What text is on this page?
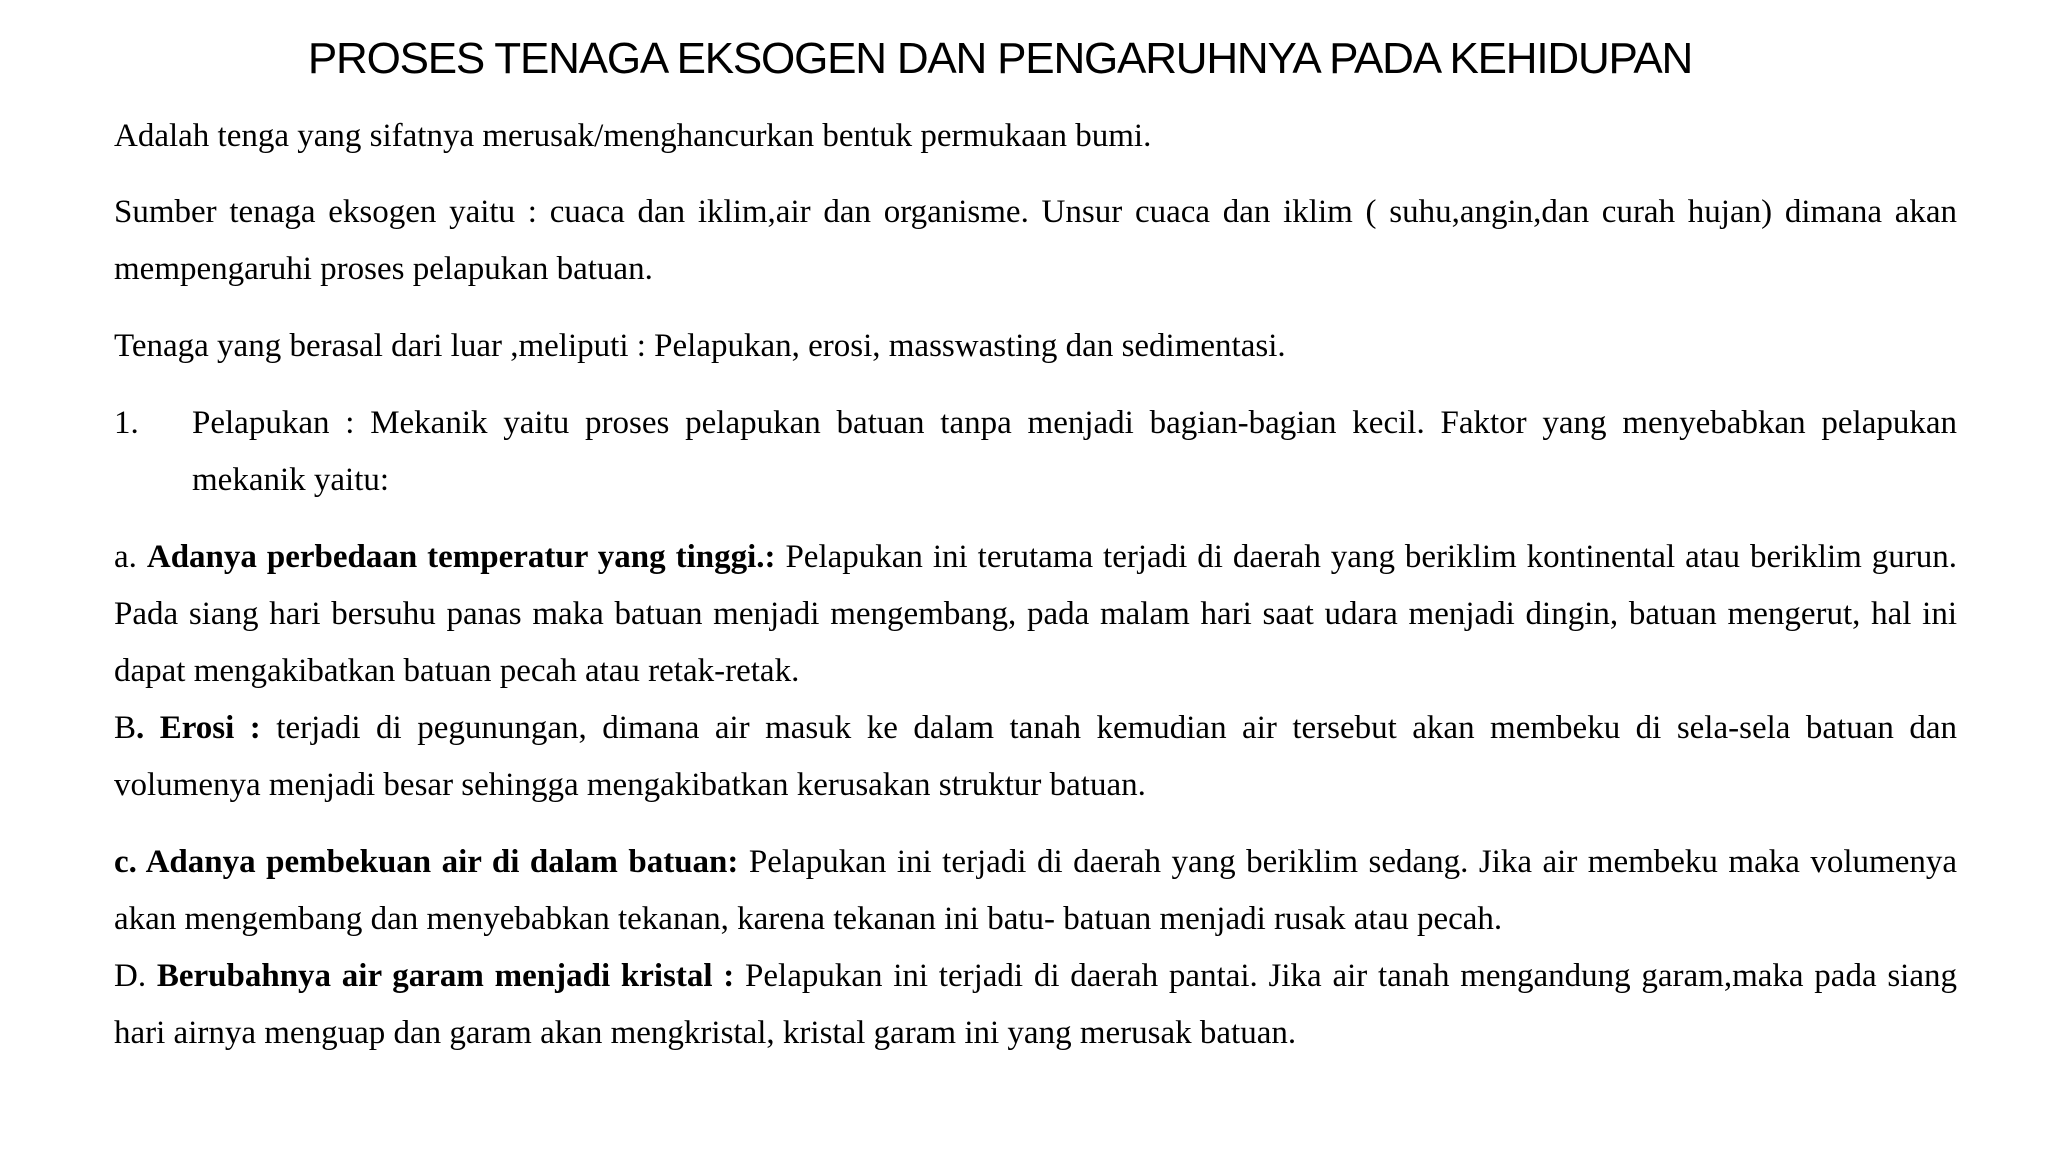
PROSES TENAGA EKSOGEN DAN PENGARUHNYA PADA KEHIDUPAN

Adalah tenga yang sifatnya merusak/menghancurkan bentuk permukaan bumi.

Sumber tenaga eksogen yaitu : cuaca dan iklim,air dan organisme. Unsur cuaca dan iklim ( suhu,angin,dan curah hujan) dimana akan mempengaruhi proses pelapukan batuan.

Tenaga yang berasal dari luar ,meliputi : Pelapukan, erosi, masswasting dan sedimentasi.

1. Pelapukan : Mekanik yaitu proses pelapukan batuan tanpa menjadi bagian-bagian kecil. Faktor yang menyebabkan pelapukan mekanik yaitu:

a. Adanya perbedaan temperatur yang tinggi.: Pelapukan ini terutama terjadi di daerah yang beriklim kontinental atau beriklim gurun. Pada siang hari bersuhu panas maka batuan menjadi mengembang, pada malam hari saat udara menjadi dingin, batuan mengerut, hal ini dapat mengakibatkan batuan pecah atau retak-retak.
B. Erosi : terjadi di pegunungan, dimana air masuk ke dalam tanah kemudian air tersebut akan membeku di sela-sela batuan dan volumenya menjadi besar sehingga mengakibatkan kerusakan struktur batuan.

c. Adanya pembekuan air di dalam batuan: Pelapukan ini terjadi di daerah yang beriklim sedang. Jika air membeku maka volumenya akan mengembang dan menyebabkan tekanan, karena tekanan ini batu- batuan menjadi rusak atau pecah.
D. Berubahnya air garam menjadi kristal : Pelapukan ini terjadi di daerah pantai. Jika air tanah mengandung garam,maka pada siang hari airnya menguap dan garam akan mengkristal, kristal garam ini yang merusak batuan.
